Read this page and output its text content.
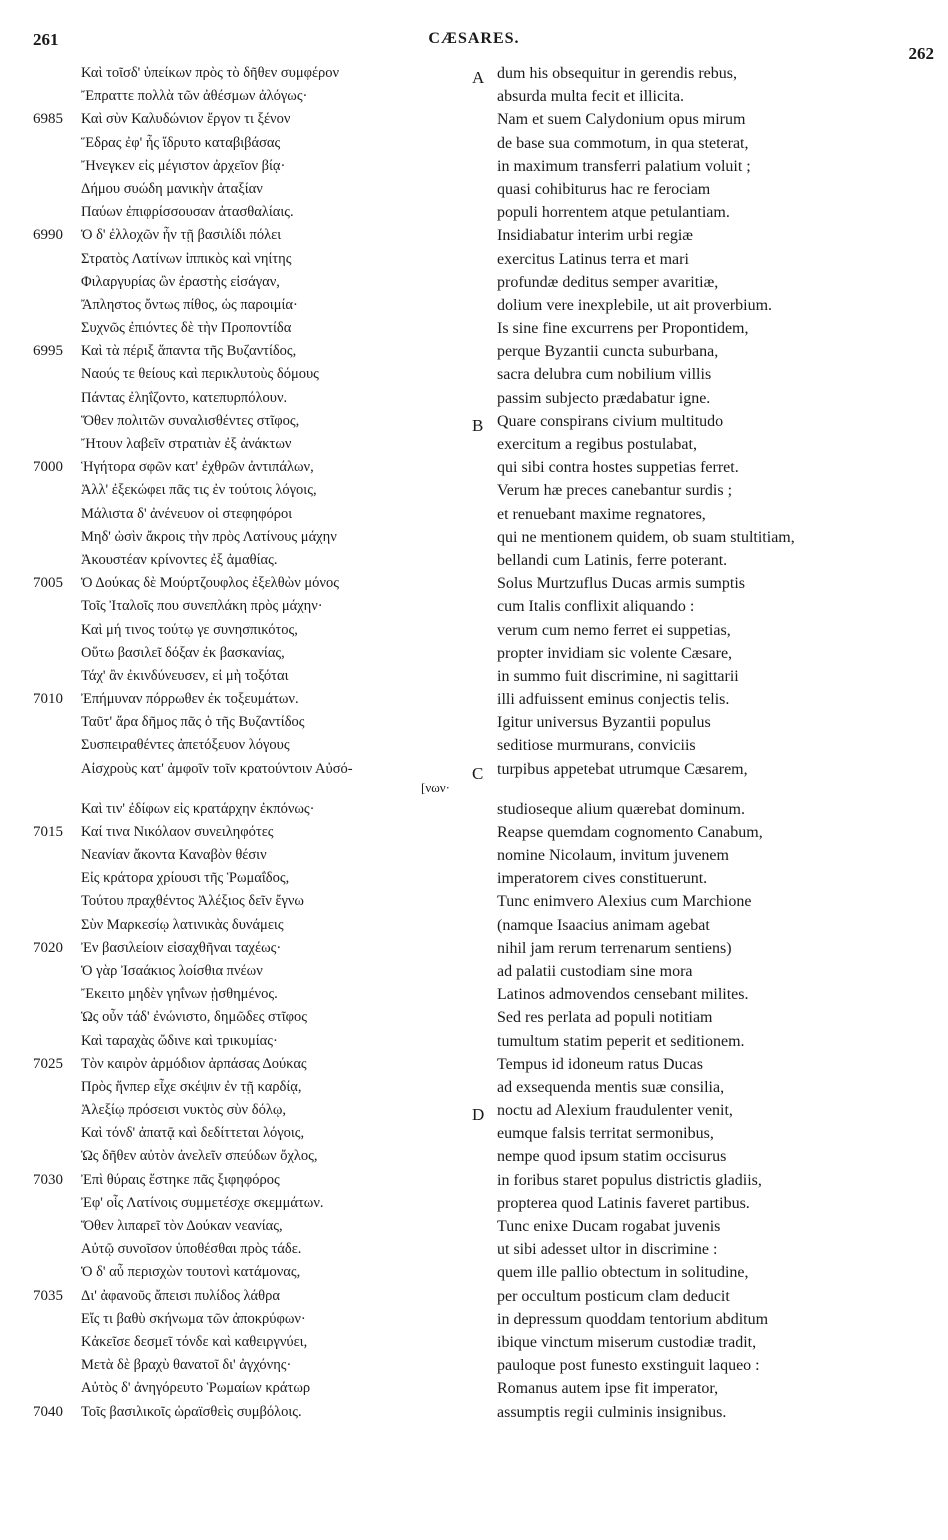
261	CÆSARES.
262
Καὶ τοῖσδ' ὑπείκων πρὸς τὸ δῆθεν συμφέρον
Ἔπραττε πολλὰ τῶν ἀθέσμων ἀλόγως·
6985	Καὶ σὺν Καλυδώνιον ἔργον τι ξένον
Ἕδρας ἐφ' ἧς ἵδρυτο καταβιβάσας
Ἤνεγκεν εἰς μέγιστον ἀρχεῖον βίᾳ·
Δήμου συώδη μανικὴν ἀταξίαν
Παύων ἐπιφρίσσουσαν ἀτασθαλίαις.
6990	Ὁ δ' ἐλλοχῶν ἦν τῇ βασιλίδι πόλει
Στρατὸς Λατίνων ἱππικὸς καὶ νηίτης
Φιλαργυρίας ὢν ἐραστὴς εἰσάγαν,
Ἄπληστος ὄντως πίθος, ὡς παροιμία·
Συχνῶς ἐπιόντες δὲ τὴν Προποντίδα
6995	Καὶ τὰ πέριξ ἅπαντα τῆς Βυζαντίδος,
Ναούς τε θείους καὶ περικλυτοὺς δόμους
Πάντας ἐληΐζοντο, κατεπυρπόλουν.
Ὅθεν πολιτῶν συναλισθέντες στῖφος,
Ἤτουν λαβεῖν στρατιὰν ἐξ ἀνάκτων
7000	Ἡγήτορα σφῶν κατ' ἐχθρῶν ἀντιπάλων,
Ἀλλ' ἐξεκώφει πᾶς τις ἐν τούτοις λόγοις,
Μάλιστα δ' ἀνένευον οἱ στεφηφόροι
Μηδ' ὠσὶν ἄκροις τὴν πρὸς Λατίνους μάχην
Ἀκουστέαν κρίνοντες ἐξ ἀμαθίας.
7005	Ὁ Δούκας δὲ Μούρτζουφλος ἐξελθὼν μόνος
Τοῖς Ἰταλοῖς που συνεπλάκη πρὸς μάχην·
Καὶ μή τινος τούτῳ γε συνησπικότος,
Οὕτω βασιλεῖ δόξαν ἐκ βασκανίας,
Τάχ' ἂν ἐκινδύνευσεν, εἰ μὴ τοξόται
7010	Ἐπήμυναν πόρρωθεν ἐκ τοξευμάτων.
Ταῦτ' ἄρα δῆμος πᾶς ὁ τῆς Βυζαντίδος
Συσπειραθέντες ἀπετόξευον λόγους
Αἰσχροὺς κατ' ἀμφοῖν τοῖν κρατούντοιν Αὐσό-
[νων·
Καὶ τιν' ἐδίφων εἰς κρατάρχην ἐκπόνως·
7015	Καί τινα Νικόλαον συνειληφότες
Νεανίαν ἄκοντα Καναβὸν θέσιν
Εἰς κράτορα χρίουσι τῆς Ῥωμαΐδος,
Τούτου πραχθέντος Ἀλέξιος δεῖν ἔγνω
Σὺν Μαρκεσίῳ λατινικὰς δυνάμεις
7020	Ἐν βασιλείοιν εἰσαχθῆναι ταχέως·
Ὁ γὰρ Ἰσαάκιος λοίσθια πνέων
Ἔκειτο μηδὲν γηΐνων ᾐσθημένος.
Ὡς οὖν τάδ' ἐνώνιστο, δημῶδες στῖφος
Καὶ ταραχὰς ὤδινε καὶ τρικυμίας·
7025	Τὸν καιρὸν ἁρμόδιον ἁρπάσας Δούκας
Πρὸς ἥνπερ εἶχε σκέψιν ἐν τῇ καρδίᾳ,
Ἀλεξίῳ πρόσεισι νυκτὸς σὺν δόλῳ,
Καὶ τόνδ' ἀπατᾷ καὶ δεδίττεται λόγοις,
Ὡς δῆθεν αὐτὸν ἀνελεῖν σπεύδων ὄχλος,
7030	Ἐπὶ θύραις ἕστηκε πᾶς ξιφηφόρος
Ἐφ' οἷς Λατίνοις συμμετέσχε σκεμμάτων.
Ὅθεν λιπαρεῖ τὸν Δούκαν νεανίας,
Αὐτῷ συνοῖσον ὑποθέσθαι πρὸς τάδε.
Ὁ δ' αὖ περισχὼν τουτονὶ κατάμονας,
7035	Δι' ἀφανοῦς ἄπεισι πυλίδος λάθρα
Εἴς τι βαθὺ σκήνωμα τῶν ἀποκρύφων·
Κἀκεῖσε δεσμεῖ τόνδε καὶ καθειργνύει,
Μετὰ δὲ βραχὺ θανατοῖ δι' ἀγχόνης·
Αὐτὸς δ' ἀνηγόρευτο Ῥωμαίων κράτωρ
7040	Τοῖς βασιλικοῖς ὡραϊσθεὶς συμβόλοις.
A dum his obsequitur in gerendis rebus,
absurda multa fecit et illicita.
Nam et suem Calydonium opus mirum
de base sua commotum, in qua steterat,
in maximum transferri palatium voluit ;
quasi cohibiturus hac re ferociam
populi horrentem atque petulantiam.
Insidiabatur interim urbi regiæ
exercitus Latinus terra et mari
profundæ deditus semper avaritiæ,
dolium vere inexplebile, ut ait proverbium.
Is sine fine excurrens per Propontidem,
perque Byzantii cuncta suburbana,
sacra delubra cum nobilium villis
passim subjecto prædabatur igne.
B Quare conspirans civium multitudo
exercitum a regibus postulabat,
qui sibi contra hostes suppetias ferret.
Verum hæ preces canebantur surdis ;
et renuebant maxime regnatores,
qui ne mentionem quidem, ob suam stultitiam,
bellandi cum Latinis, ferre poterant.
Solus Murtzuflus Ducas armis sumptis
cum Italis conflixit aliquando :
verum cum nemo ferret ei suppetias,
propter invidiam sic volente Cæsare,
in summo fuit discrimine, ni sagittarii
illi adfuissent eminus conjectis telis.
Igitur universus Byzantii populus
seditiose murmurans, conviciis
C turpibus appetebat utrumque Cæsarem,
studioseque alium quærebat dominum.
Reapse quemdam cognomento Canabum,
nomine Nicolaum, invitum juvenem
imperatorem cives constituerunt.
Tunc enimvero Alexius cum Marchione
(namque Isaacius animam agebat
nihil jam rerum terrenarum sentiens)
ad palatii custodiam sine mora
Latinos admovendos censebant milites.
Sed res perlata ad populi notitiam
tumultum statim peperit et seditionem.
Tempus id idoneum ratus Ducas
ad exsequenda mentis suæ consilia,
D noctu ad Alexium fraudulenter venit,
eumque falsis territat sermonibus,
nempe quod ipsum statim occisurus
in foribus staret populus districtis gladiis,
propterea quod Latinis faveret partibus.
Tunc enixe Ducam rogabat juvenis
ut sibi adesset ultor in discrimine :
quem ille pallio obtectum in solitudine,
per occultum posticum clam deducit
in depressum quoddam tentorium abditum
ibique vinctum miserum custodiæ tradit,
pauloque post funesto exstinguit laqueo :
Romanus autem ipse fit imperator,
assumptis regii culminis insignibus.
